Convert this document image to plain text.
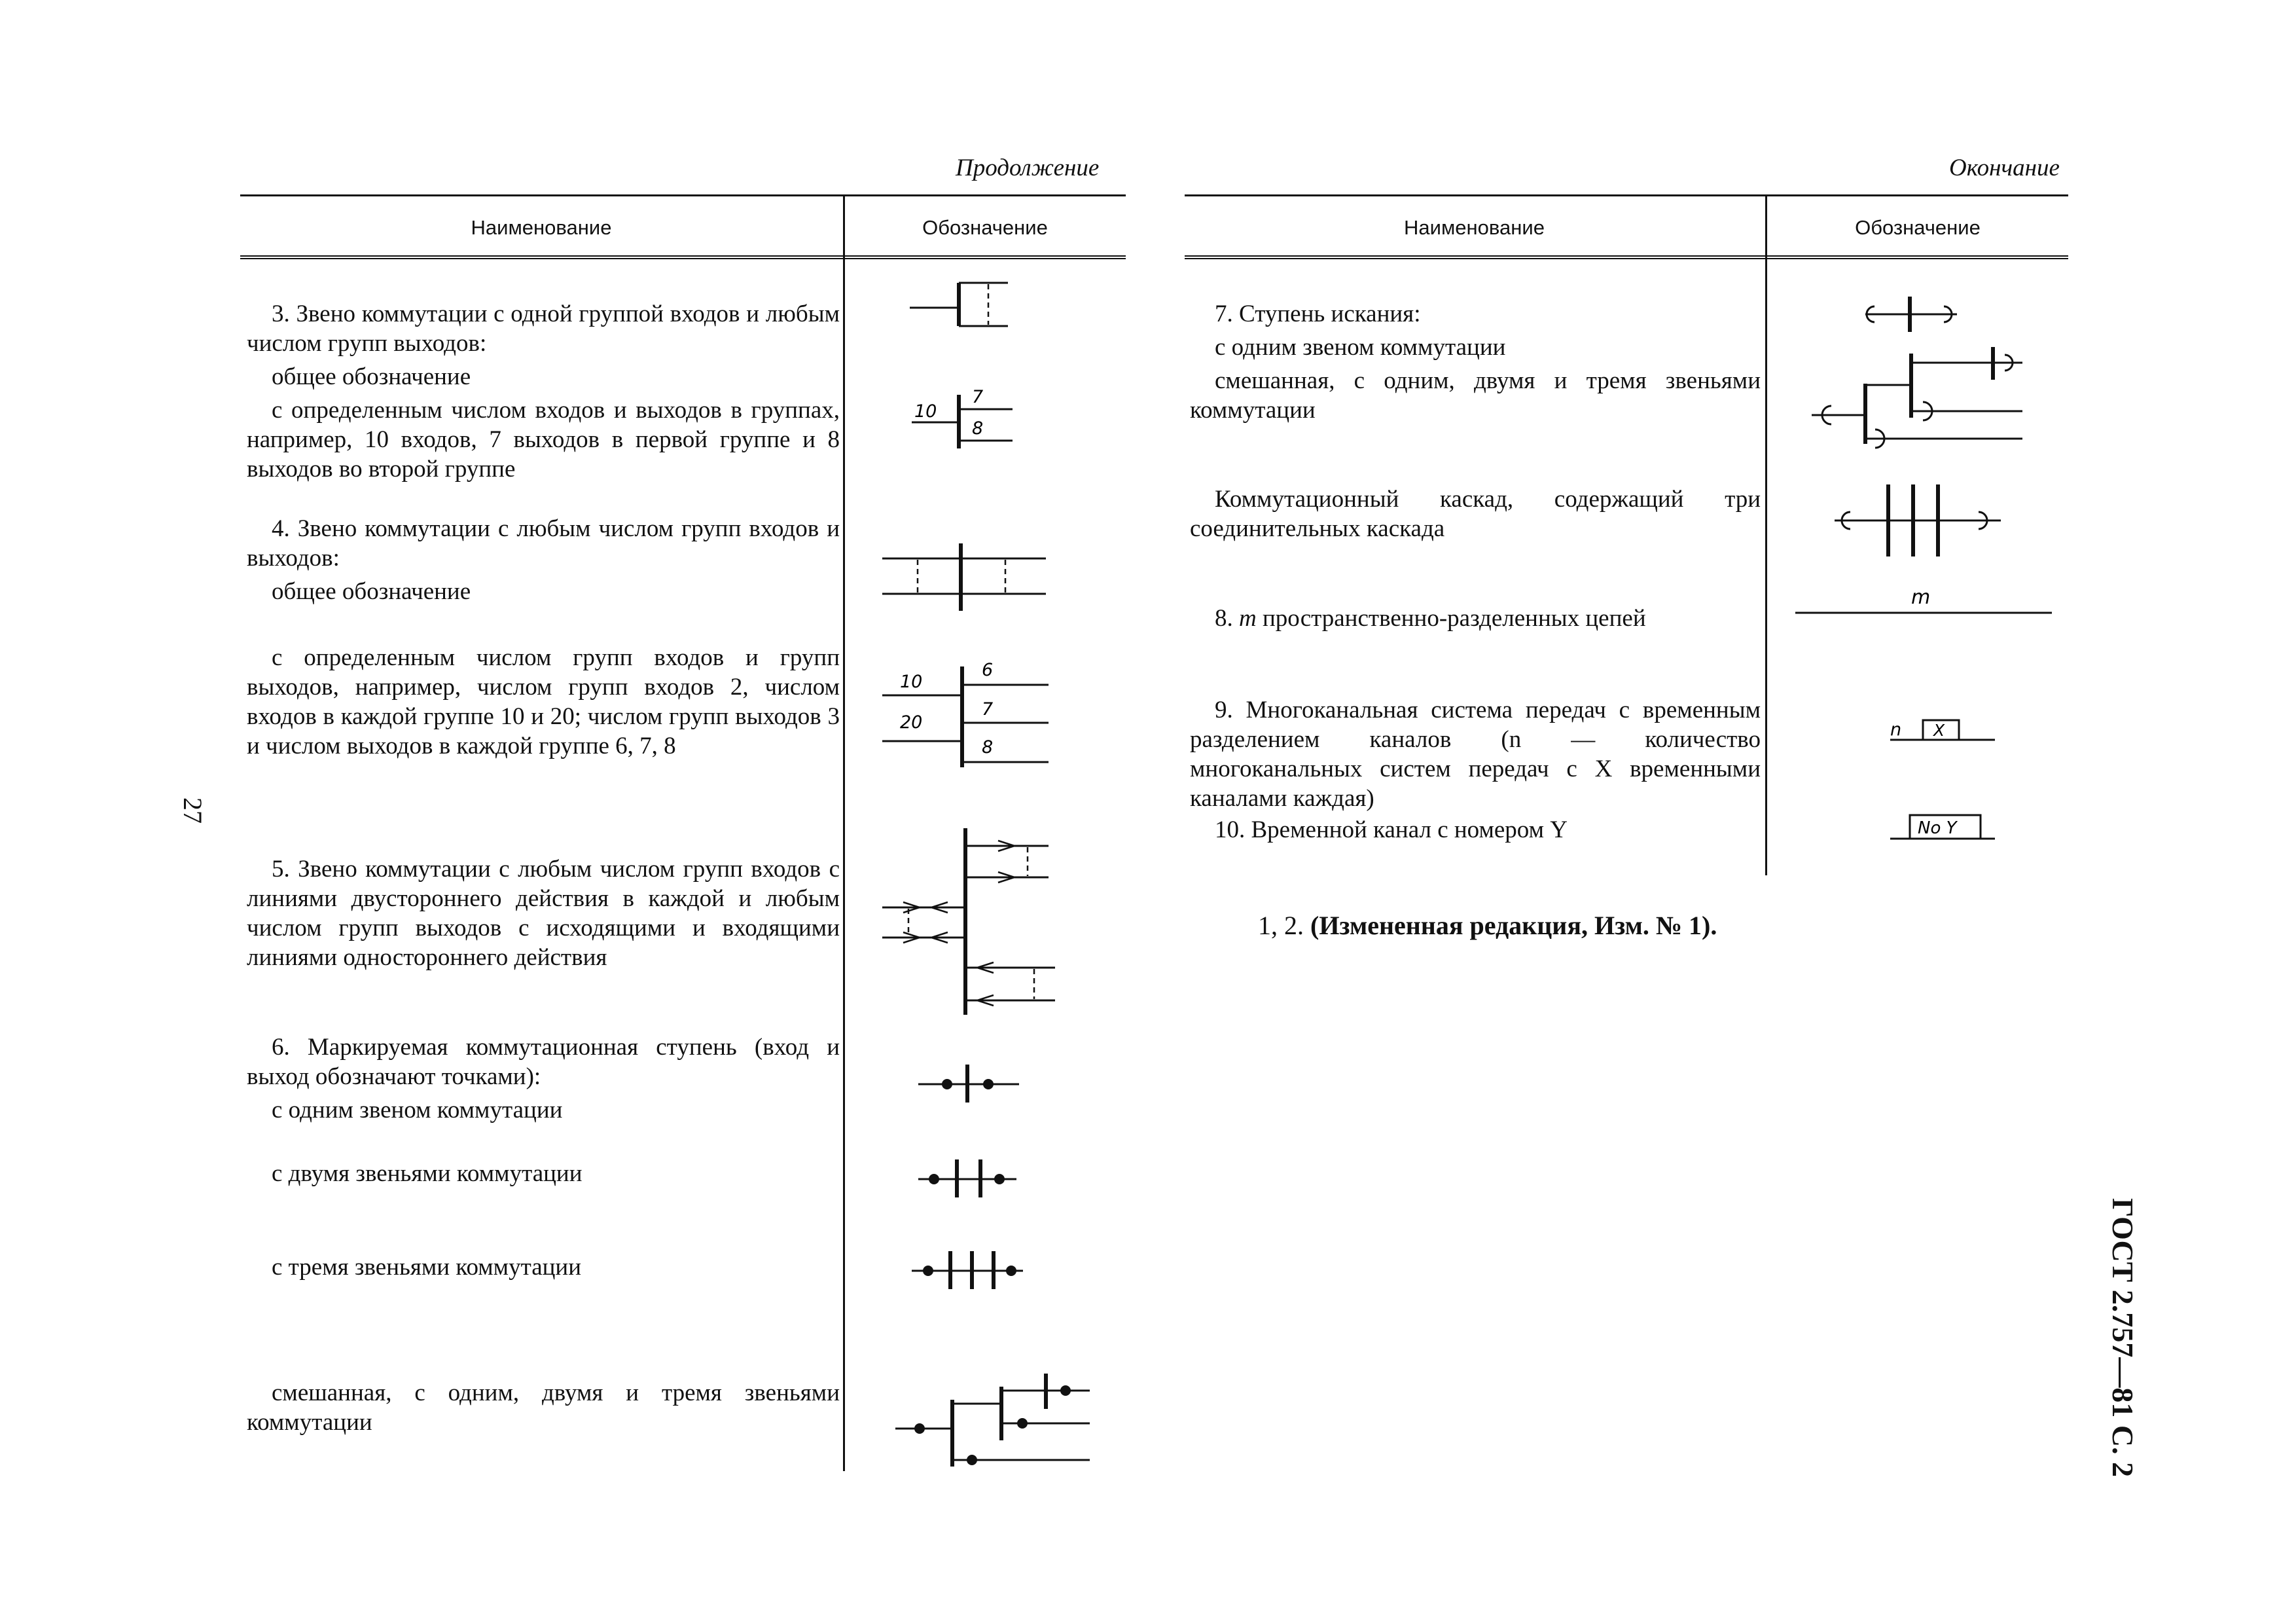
Продолжение
Наименование	Обозначение

3. Звено коммутации с одной группой входов и любым числом групп выходов:

общее обозначение

с определенным числом входов и выходов в группах, например, 10 входов, 7 выходов в первой группе и 8 выходов во второй группе

4. Звено коммутации с любым числом групп входов и выходов:

общее обозначение

с определенным числом групп входов и групп выходов, например, числом групп входов 2, числом входов в каждой группе 10 и 20; числом групп выходов 3 и числом выходов в каждой группе 6, 7, 8

5. Звено коммутации с любым числом групп входов с линиями двустороннего действия в каждой и любым числом групп выходов с исходящими и входящими линиями одностороннего действия

6. Маркируемая коммутационная ступень (вход и выход обозначают точками):

с одним звеном коммутации

с двумя звеньями коммутации
с тремя звеньями коммутации

смешанная, с одним, двумя и тремя звеньями коммутации

10
7
8
10
20
6
7
8
Окончание
Наименование	Обозначение

7. Ступень искания:

с одним звеном коммутации

смешанная, с одним, двумя и тремя звеньями коммутации

Коммутационный каскад, содержащий три соединительных каскада

8. m пространственно-разделенных цепей

9. Многоканальная система передач с временным разделением каналов (n — количество многоканальных систем передач с X временными каналами каждая)

10. Временной канал с номером Y
m
n X
No Y
1, 2. (Измененная редакция, Изм. № 1).
27
ГОСТ 2.757—81 С. 2
